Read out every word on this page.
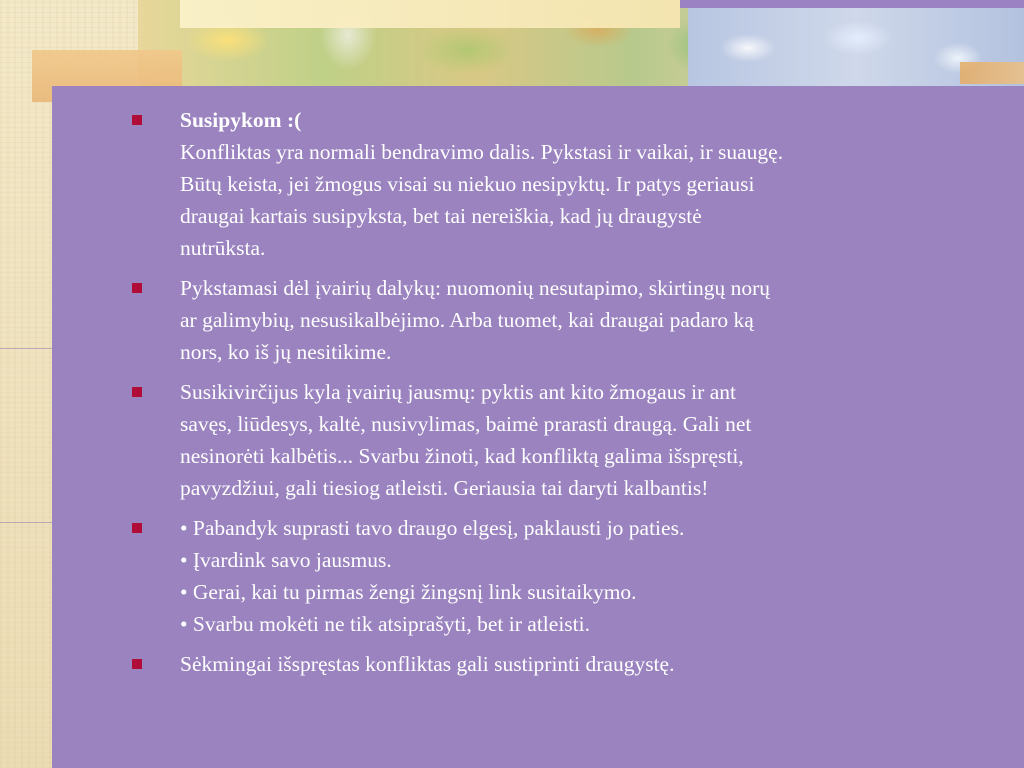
Susipykom :(
Konfliktas yra normali bendravimo dalis. Pykstasi ir vaikai, ir suaugę.
Būtų keista, jei žmogus visai su niekuo nesipyktų. Ir patys geriausi
draugai kartais susipyksta, bet tai nereiškia, kad jų draugystė
nutrūksta.
Pykstamasi dėl įvairių dalykų: nuomonių nesutapimo, skirtingų norų
ar galimybių, nesusikalbėjimo. Arba tuomet, kai draugai padaro ką
nors, ko iš jų nesitikime.
Susikivirčijus kyla įvairių jausmų: pyktis ant kito žmogaus ir ant
savęs, liūdesys, kaltė, nusivylimas, baimė prarasti draugą. Gali net
nesinorėti kalbėtis... Svarbu žinoti, kad konfliktą galima išspręsti,
pavyzdžiui, gali tiesiog atleisti. Geriausia tai daryti kalbantis!
• Pabandyk suprasti tavo draugo elgesį, paklausti jo paties.
• Įvardink savo jausmus.
• Gerai, kai tu pirmas žengi žingsnį link susitaikymo.
• Svarbu mokėti ne tik atsiprašyti, bet ir atleisti.
Sėkmingai išspręstas konfliktas gali sustiprinti draugystę.
